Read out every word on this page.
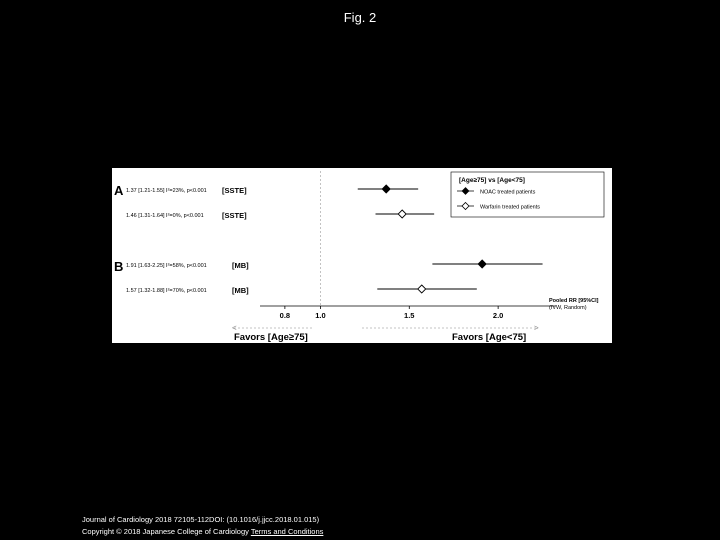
Fig. 2
A
B
1.37 [1.21-1.55] I²=23%, p<0.001 [SSTE]
1.46 [1.31-1.64] I²=0%, p<0.001 [SSTE]
1.91 [1.63-2.25] I²=58%, p<0.001	[MB]
1.57 [1.32-1.88] I²=70%, p<0.001	[MB]
0.8	1.0	1.5	2.0
[Age≥75] vs [Age<75]
NOAC treated patients
Warfarin treated patients
Pooled RR [95%CI]
(IVW, Random)
<	>
Favors [Age≥75]	Favors [Age<75]
Journal of Cardiology 2018 72105-112DOI: (10.1016/j.jjcc.2018.01.015)
Copyright © 2018 Japanese College of Cardiology Terms and Conditions
